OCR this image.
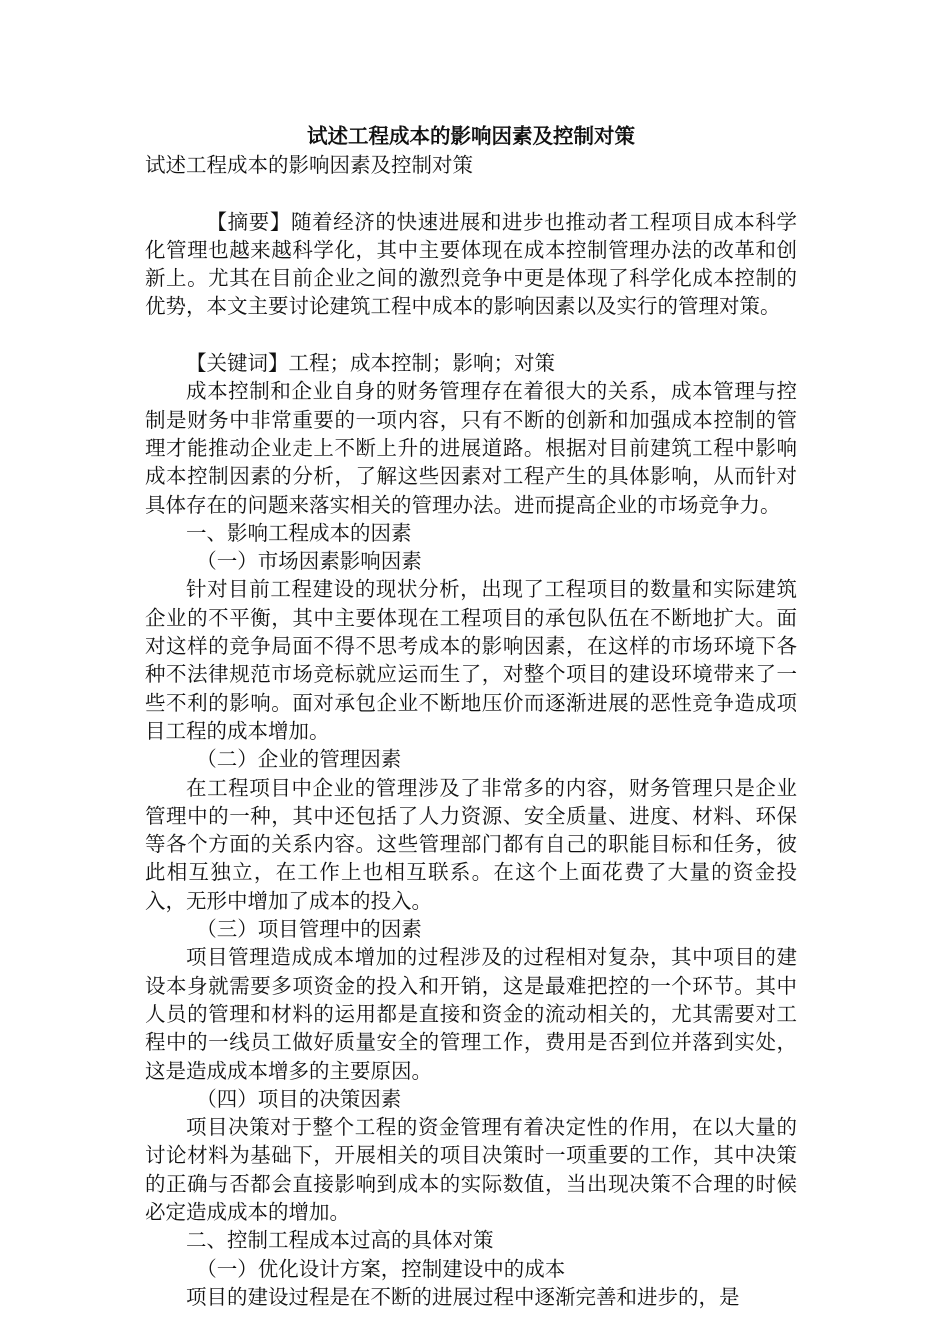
试述工程成本的影响因素及控制对策

试述工程成本的影响因素及控制对策

【摘要】随着经济的快速进展和进步也推动者工程项目成本科学化管理也越来越科学化，其中主要体现在成本控制管理办法的改革和创新上。尤其在目前企业之间的激烈竞争中更是体现了科学化成本控制的优势，本文主要讨论建筑工程中成本的影响因素以及实行的管理对策。

【关键词】工程；成本控制；影响；对策

成本控制和企业自身的财务管理存在着很大的关系，成本管理与控制是财务中非常重要的一项内容，只有不断的创新和加强成本控制的管理才能推动企业走上不断上升的进展道路。根据对目前建筑工程中影响成本控制因素的分析，了解这些因素对工程产生的具体影响，从而针对具体存在的问题来落实相关的管理办法。进而提高企业的市场竞争力。

一、影响工程成本的因素

（一）市场因素影响因素

针对目前工程建设的现状分析，出现了工程项目的数量和实际建筑企业的不平衡，其中主要体现在工程项目的承包队伍在不断地扩大。面对这样的竞争局面不得不思考成本的影响因素，在这样的市场环境下各种不法律规范市场竞标就应运而生了，对整个项目的建设环境带来了一些不利的影响。面对承包企业不断地压价而逐渐进展的恶性竞争造成项目工程的成本增加。

（二）企业的管理因素

在工程项目中企业的管理涉及了非常多的内容，财务管理只是企业管理中的一种，其中还包括了人力资源、安全质量、进度、材料、环保等各个方面的关系内容。这些管理部门都有自己的职能目标和任务，彼此相互独立，在工作上也相互联系。在这个上面花费了大量的资金投入，无形中增加了成本的投入。

（三）项目管理中的因素

项目管理造成成本增加的过程涉及的过程相对复杂，其中项目的建设本身就需要多项资金的投入和开销，这是最难把控的一个环节。其中人员的管理和材料的运用都是直接和资金的流动相关的，尤其需要对工程中的一线员工做好质量安全的管理工作，费用是否到位并落到实处，这是造成成本增多的主要原因。

（四）项目的决策因素

项目决策对于整个工程的资金管理有着决定性的作用，在以大量的讨论材料为基础下，开展相关的项目决策时一项重要的工作，其中决策的正确与否都会直接影响到成本的实际数值，当出现决策不合理的时候必定造成成本的增加。

二、控制工程成本过高的具体对策

（一）优化设计方案，控制建设中的成本

项目的建设过程是在不断的进展过程中逐渐完善和进步的，是
